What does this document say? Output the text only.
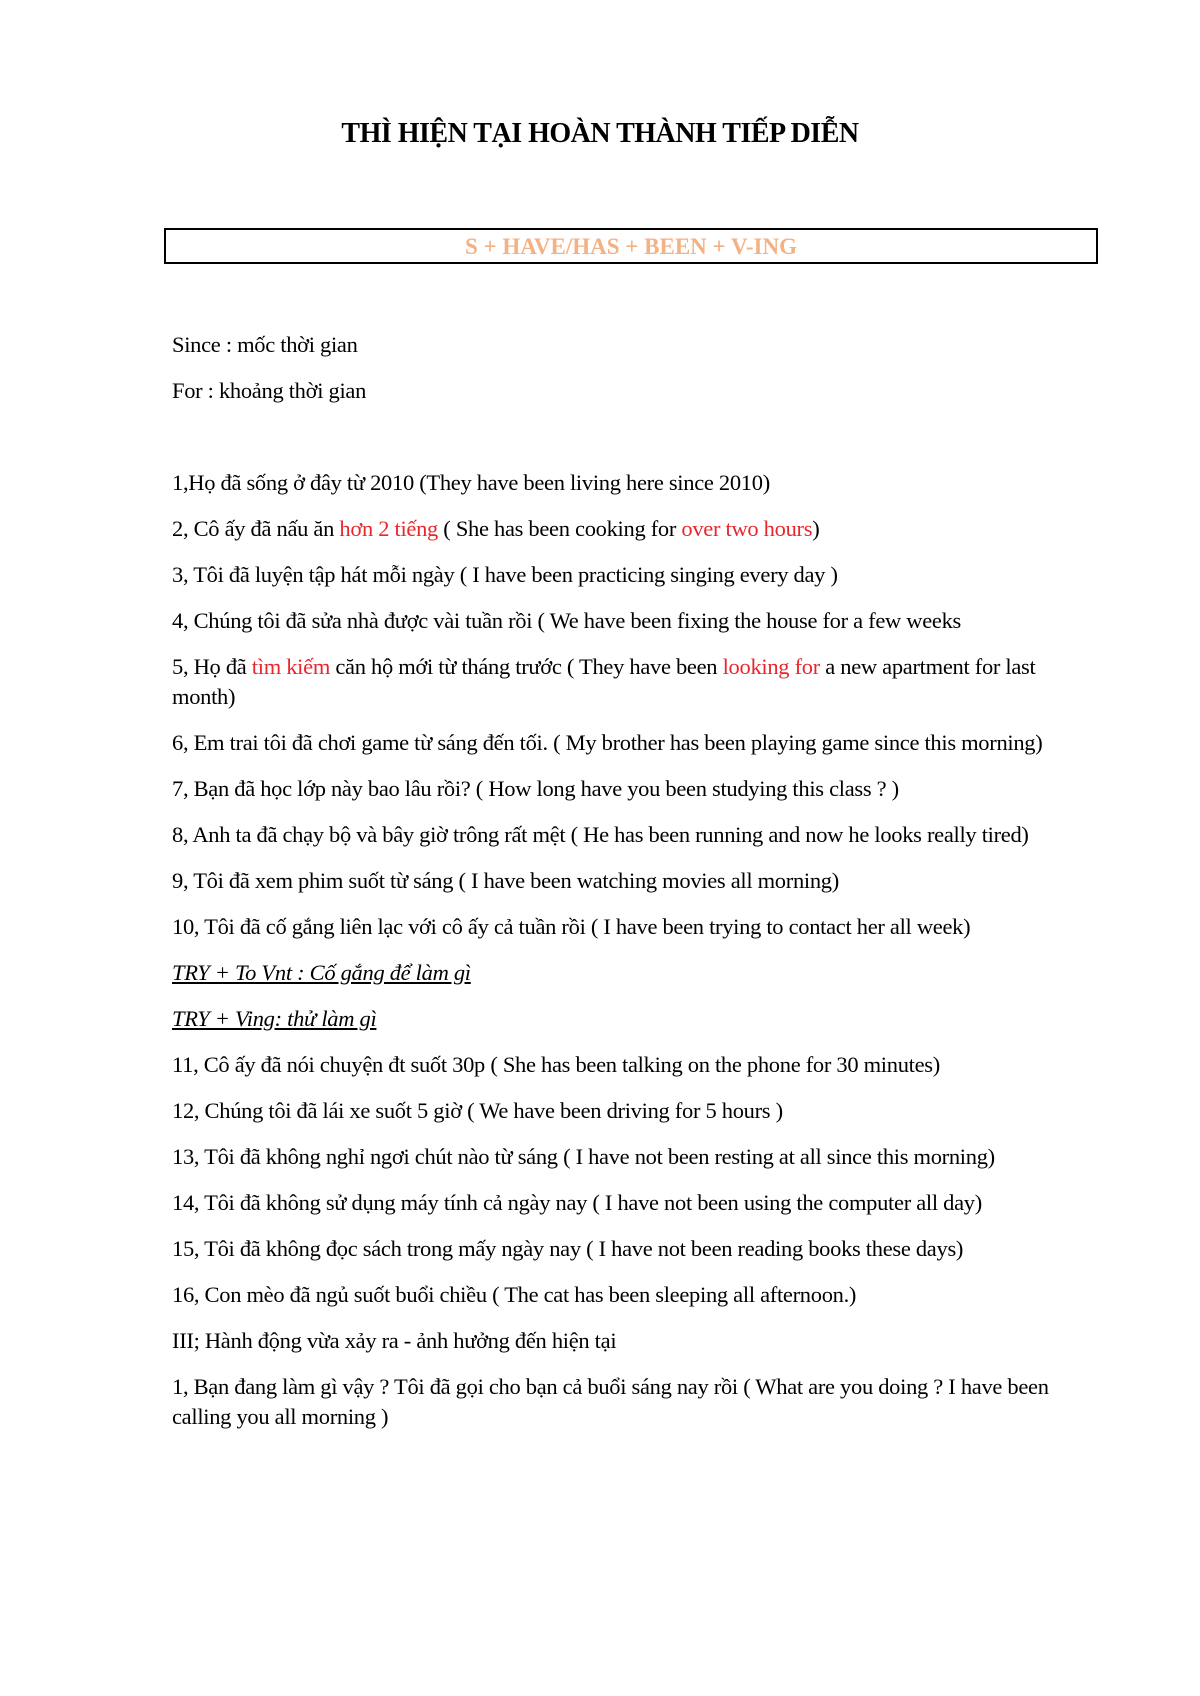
THÌ HIỆN TẠI HOÀN THÀNH TIẾP DIỄN
S + HAVE/HAS + BEEN + V-ING

Since : mốc thời gian

For : khoảng thời gian

1,Họ đã sống ở đây từ 2010 (They have been living here since 2010)

2, Cô ấy đã nấu ăn hơn 2 tiếng ( She has been cooking for over two hours)

3, Tôi đã luyện tập hát mỗi ngày ( I have been practicing singing every day )

4, Chúng tôi đã sửa nhà được vài tuần rồi ( We have been fixing the house for a few weeks

5, Họ đã tìm kiếm căn hộ mới từ tháng trước ( They have been looking for a new apartment for last month)

6, Em trai tôi đã chơi game từ sáng đến tối. ( My brother has been playing game since this morning)

7, Bạn đã học lớp này bao lâu rồi? ( How long have you been studying this class ? )

8, Anh ta đã chạy bộ và bây giờ trông rất mệt ( He has been running and now he looks really tired)

9, Tôi đã xem phim suốt từ sáng ( I have been watching movies all morning)

10, Tôi đã cố gắng liên lạc với cô ấy cả tuần rồi ( I have been trying to contact her all week)

TRY + To Vnt : Cố gắng để làm gì

TRY + Ving: thử làm gì

11, Cô ấy đã nói chuyện đt suốt 30p ( She has been talking on the phone for 30 minutes)

12, Chúng tôi đã lái xe suốt 5 giờ ( We have been driving for 5 hours )

13, Tôi đã không nghỉ ngơi chút nào từ sáng ( I have not been resting at all since this morning)

14, Tôi đã không sử dụng máy tính cả ngày nay ( I have not been using the computer all day)

15, Tôi đã không đọc sách trong mấy ngày nay ( I have not been reading books these days)

16, Con mèo đã ngủ suốt buổi chiều ( The cat has been sleeping all afternoon.)

III; Hành động vừa xảy ra - ảnh hưởng đến hiện tại

1, Bạn đang làm gì vậy ? Tôi đã gọi cho bạn cả buổi sáng nay rồi ( What are you doing ? I have been calling you all morning )
